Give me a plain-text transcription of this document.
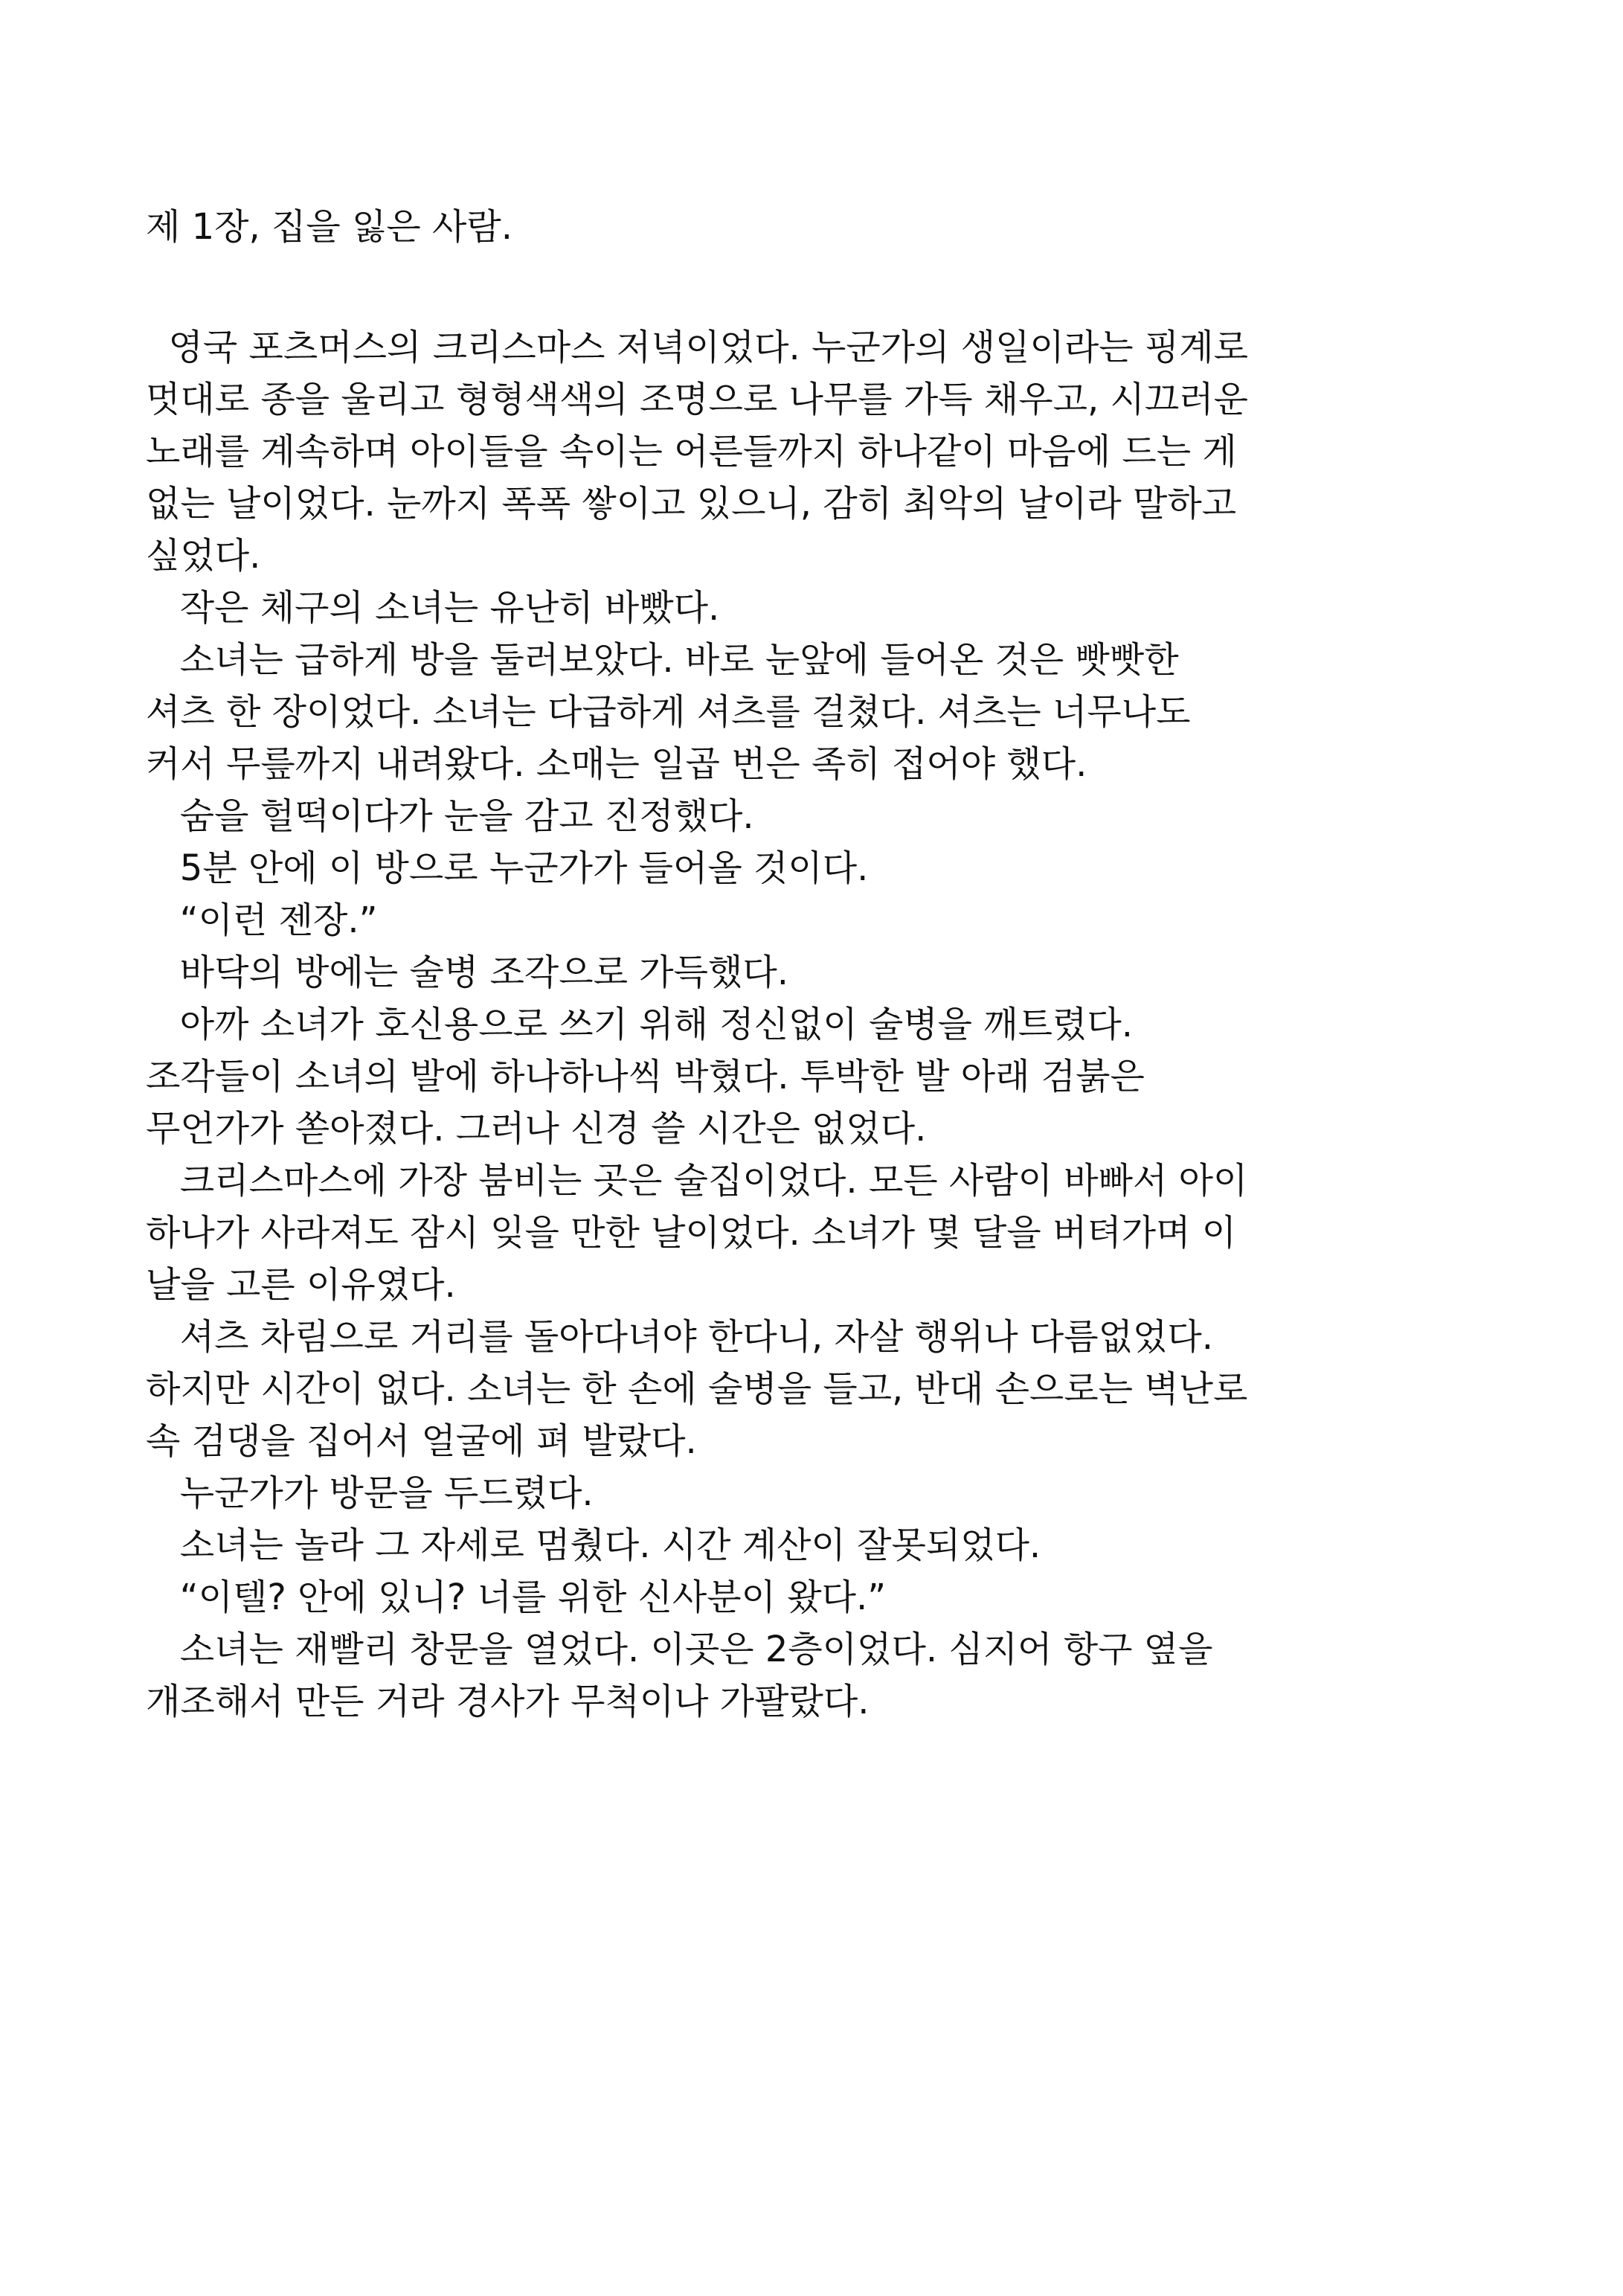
제 1장, 집을 잃은 사람.
영국 포츠머스의 크리스마스 저녁이었다. 누군가의 생일이라는 핑계로
멋대로 종을 울리고 형형색색의 조명으로 나무를 가득 채우고, 시끄러운
노래를 계속하며 아이들을 속이는 어른들까지 하나같이 마음에 드는 게
없는 날이었다. 눈까지 폭폭 쌓이고 있으니, 감히 최악의 날이라 말하고
싶었다.
작은 체구의 소녀는 유난히 바빴다.
소녀는 급하게 방을 둘러보았다. 바로 눈앞에 들어온 것은 빳빳한
셔츠 한 장이었다. 소녀는 다급하게 셔츠를 걸쳤다. 셔츠는 너무나도
커서 무릎까지 내려왔다. 소매는 일곱 번은 족히 접어야 했다.
숨을 헐떡이다가 눈을 감고 진정했다.
5분 안에 이 방으로 누군가가 들어올 것이다.
“이런 젠장.”
바닥의 방에는 술병 조각으로 가득했다.
아까 소녀가 호신용으로 쓰기 위해 정신없이 술병을 깨트렸다.
조각들이 소녀의 발에 하나하나씩 박혔다. 투박한 발 아래 검붉은
무언가가 쏟아졌다. 그러나 신경 쓸 시간은 없었다.
크리스마스에 가장 붐비는 곳은 술집이었다. 모든 사람이 바빠서 아이
하나가 사라져도 잠시 잊을 만한 날이었다. 소녀가 몇 달을 버텨가며 이
날을 고른 이유였다.
셔츠 차림으로 거리를 돌아다녀야 한다니, 자살 행위나 다름없었다.
하지만 시간이 없다. 소녀는 한 손에 술병을 들고, 반대 손으로는 벽난로
속 검댕을 집어서 얼굴에 펴 발랐다.
누군가가 방문을 두드렸다.
소녀는 놀라 그 자세로 멈췄다. 시간 계산이 잘못되었다.
“이텔? 안에 있니? 너를 위한 신사분이 왔다.”
소녀는 재빨리 창문을 열었다. 이곳은 2층이었다. 심지어 항구 옆을
개조해서 만든 거라 경사가 무척이나 가팔랐다.
